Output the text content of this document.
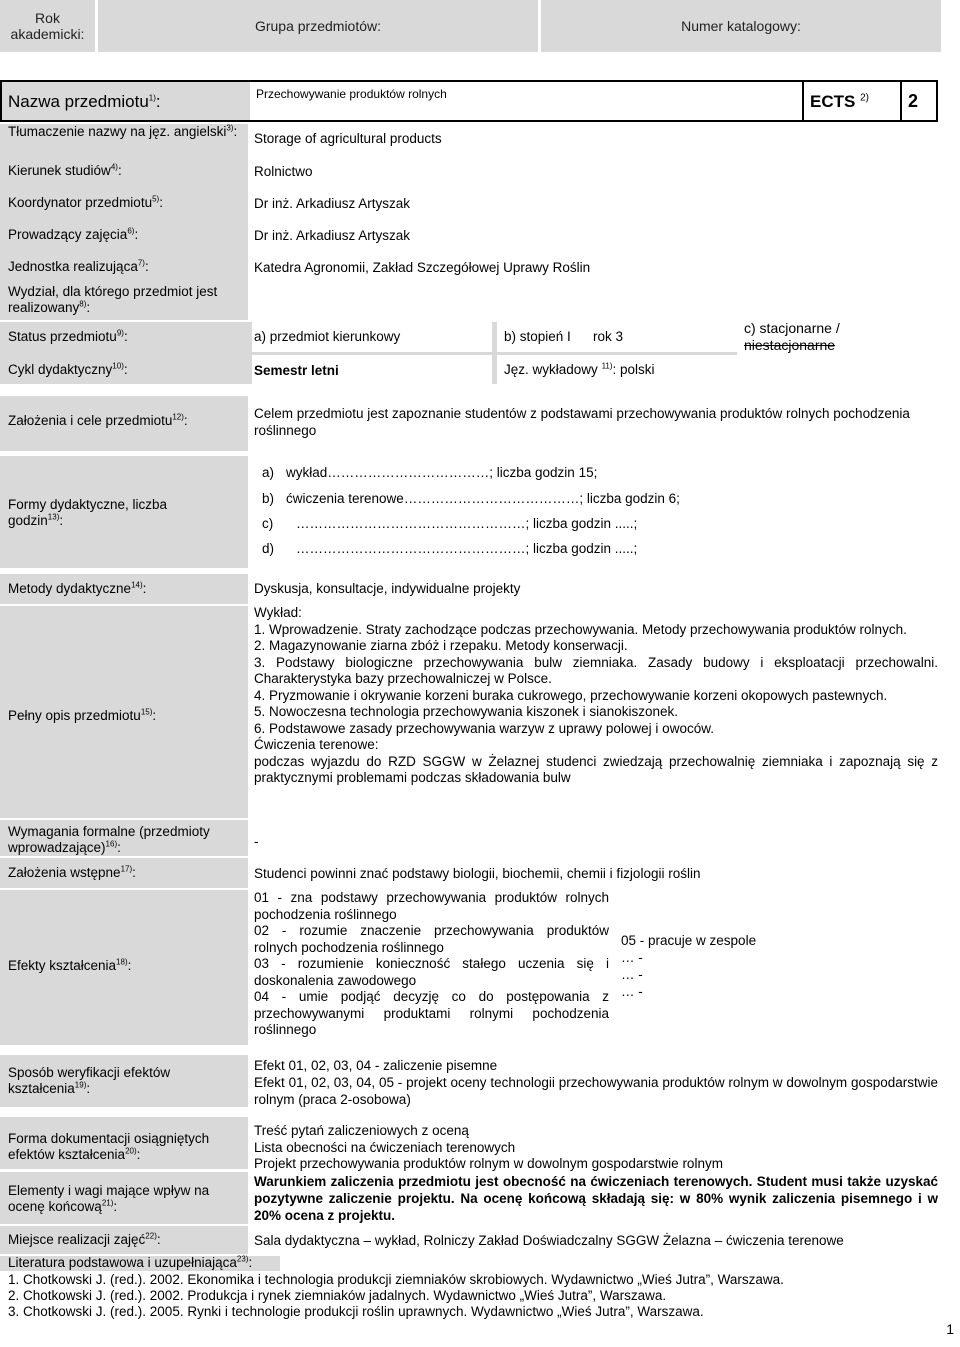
Rok akademicki:	Grupa przedmiotów:	Numer katalogowy:
Nazwa przedmiotu$^{1)}$:	Przechowywanie produktów rolnych	ECTS $^{2)}$ 2
Tłumaczenie nazwy na jęz. angielski$^{3)}$: Storage of agricultural products
Kierunek studiów$^{4)}$:	Rolnictwo
Koordynator przedmiotu$^{5)}$:	Dr inż. Arkadiusz Artyszak
Prowadzący zajęcia$^{6)}$:	Dr inż. Arkadiusz Artyszak
Jednostka realizująca$^{7)}$:	Katedra Agronomii, Zakład Szczegółowej Uprawy Roślin
Wydział, dla którego przedmiot jest realizowany$^{8)}$:
Status przedmiotu$^{9)}$:	a) przedmiot kierunkowy	b) stopień I rok 3
c) stacjonarne /
niestacjonarne
Cykl dydaktyczny$^{10)}$:	Semestr letni	Jęz. wykładowy $^{11)}$: polski
Założenia i cele przedmiotu$^{12)}$:	Celem przedmiotu jest zapoznanie studentów z podstawami przechowywania produktów rolnych pochodzenia roślinnego
Formy dydaktyczne, liczba godzin$^{13)}$:
a) wykład………………………………; liczba godzin 15;
b) ćwiczenia terenowe…………………………………; liczba godzin 6;
c) ……………………………………………; liczba godzin .....;
d) ……………………………………………; liczba godzin .....;
Metody dydaktyczne$^{14)}$:	Dyskusja, konsultacje, indywidualne projekty
Pełny opis przedmiotu$^{15)}$:
Wykład:
1. Wprowadzenie. Straty zachodzące podczas przechowywania. Metody przechowywania produktów rolnych.
2. Magazynowanie ziarna zbóż i rzepaku. Metody konserwacji.
3. Podstawy biologiczne przechowywania bulw ziemniaka. Zasady budowy i eksploatacji przechowalni. Charakterystyka bazy przechowalniczej w Polsce.
4. Pryzmowanie i okrywanie korzeni buraka cukrowego, przechowywanie korzeni okopowych pastewnych.
5. Nowoczesna technologia przechowywania kiszonek i sianokiszonek.
6. Podstawowe zasady przechowywania warzyw z uprawy polowej i owoców.
Ćwiczenia terenowe:
podczas wyjazdu do RZD SGGW w Żelaznej studenci zwiedzają przechowalnię ziemniaka i zapoznają się z praktycznymi problemami podczas składowania bulw
Wymagania formalne (przedmioty wprowadzające)$^{16)}$:	-
Założenia wstępne$^{17)}$:	Studenci powinni znać podstawy biologii, biochemii, chemii i fizjologii roślin
Efekty kształcenia$^{18)}$:
01 - zna podstawy przechowywania produktów rolnych pochodzenia roślinnego
02 - rozumie znaczenie przechowywania produktów rolnych pochodzenia roślinnego
03 - rozumienie konieczność stałego uczenia się i doskonalenia zawodowego
04 - umie podjąć decyzję co do postępowania z przechowywanymi produktami rolnymi pochodzenia roślinnego
05 - pracuje w zespole
… -
… -
… -
Sposób weryfikacji efektów kształcenia$^{19)}$:
Efekt 01, 02, 03, 04 - zaliczenie pisemne
Efekt 01, 02, 03, 04, 05 - projekt oceny technologii przechowywania produktów rolnym w dowolnym gospodarstwie rolnym (praca 2-osobowa)
Forma dokumentacji osiągniętych efektów kształcenia$^{20)}$:
Treść pytań zaliczeniowych z oceną
Lista obecności na ćwiczeniach terenowych
Projekt przechowywania produktów rolnym w dowolnym gospodarstwie rolnym
Elementy i wagi mające wpływ na ocenę końcową$^{21)}$:
Warunkiem zaliczenia przedmiotu jest obecność na ćwiczeniach terenowych. Student musi także uzyskać pozytywne zaliczenie projektu. Na ocenę końcową składają się: w 80% wynik zaliczenia pisemnego i w 20% ocena z projektu.
Miejsce realizacji zajęć$^{22)}$:	Sala dydaktyczna – wykład, Rolniczy Zakład Doświadczalny SGGW Żelazna – ćwiczenia terenowe
Literatura podstawowa i uzupełniająca$^{23)}$:
1. Chotkowski J. (red.). 2002. Ekonomika i technologia produkcji ziemniaków skrobiowych. Wydawnictwo „Wieś Jutra”, Warszawa.
2. Chotkowski J. (red.). 2002. Produkcja i rynek ziemniaków jadalnych. Wydawnictwo „Wieś Jutra”, Warszawa.
3. Chotkowski J. (red.). 2005. Rynki i technologie produkcji roślin uprawnych. Wydawnictwo „Wieś Jutra”, Warszawa.
1
